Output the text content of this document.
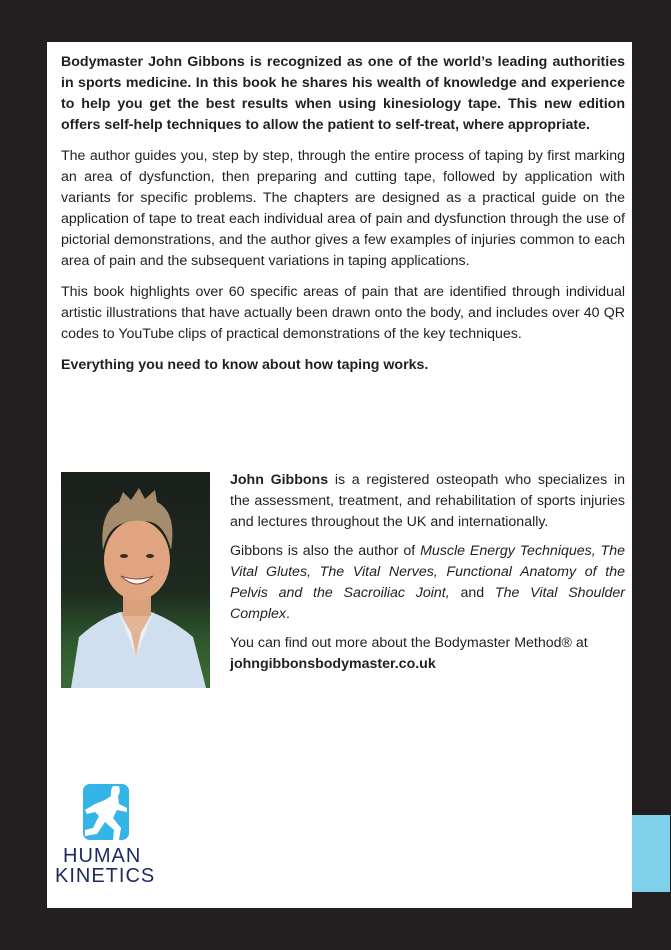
Bodymaster John Gibbons is recognized as one of the world’s leading authorities in sports medicine. In this book he shares his wealth of knowledge and experience to help you get the best results when using kinesiology tape. This new edition offers self-help techniques to allow the patient to self-treat, where appropriate.

The author guides you, step by step, through the entire process of taping by first marking an area of dysfunction, then preparing and cutting tape, followed by application with variants for specific problems. The chapters are designed as a practical guide on the application of tape to treat each individual area of pain and dysfunction through the use of pictorial demonstrations, and the author gives a few examples of injuries common to each area of pain and the subsequent variations in taping applications.

This book highlights over 60 specific areas of pain that are identified through individual artistic illustrations that have actually been drawn onto the body, and includes over 40 QR codes to YouTube clips of practical demonstrations of the key techniques.

Everything you need to know about how taping works.

John Gibbons is a registered osteopath who specializes in the assessment, treatment, and rehabilitation of sports injuries and lectures throughout the UK and internationally.

Gibbons is also the author of Muscle Energy Techniques, The Vital Glutes, The Vital Nerves, Functional Anatomy of the Pelvis and the Sacroiliac Joint, and The Vital Shoulder Complex.

You can find out more about the Bodymaster Method® at
johngibbonsbodymaster.co.uk

HUMAN
KINETICS
